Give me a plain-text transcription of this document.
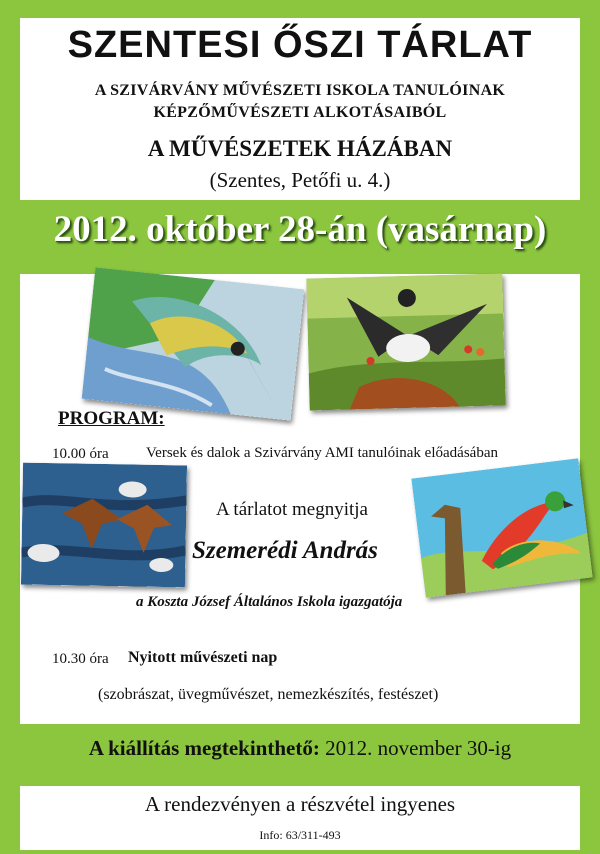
SZENTESI ŐSZI TÁRLAT
A SZIVÁRVÁNY MŰVÉSZETI ISKOLA TANULÓINAK
KÉPZŐMŰVÉSZETI ALKOTÁSAIBÓL
A MŰVÉSZETEK HÁZÁBAN
(Szentes, Petőfi u. 4.)
2012. október 28-án (vasárnap)
PROGRAM:
10.00 óra Versek és dalok a Szivárvány AMI tanulóinak előadásában
A tárlatot megnyitja
Szemerédi András
a Koszta József Általános Iskola igazgatója
10.30 óra Nyitott művészeti nap
(szobrászat, üvegművészet, nemezkészítés, festészet)
A kiállítás megtekinthető: 2012. november 30-ig
A rendezvényen a részvétel ingyenes
Info: 63/311-493
